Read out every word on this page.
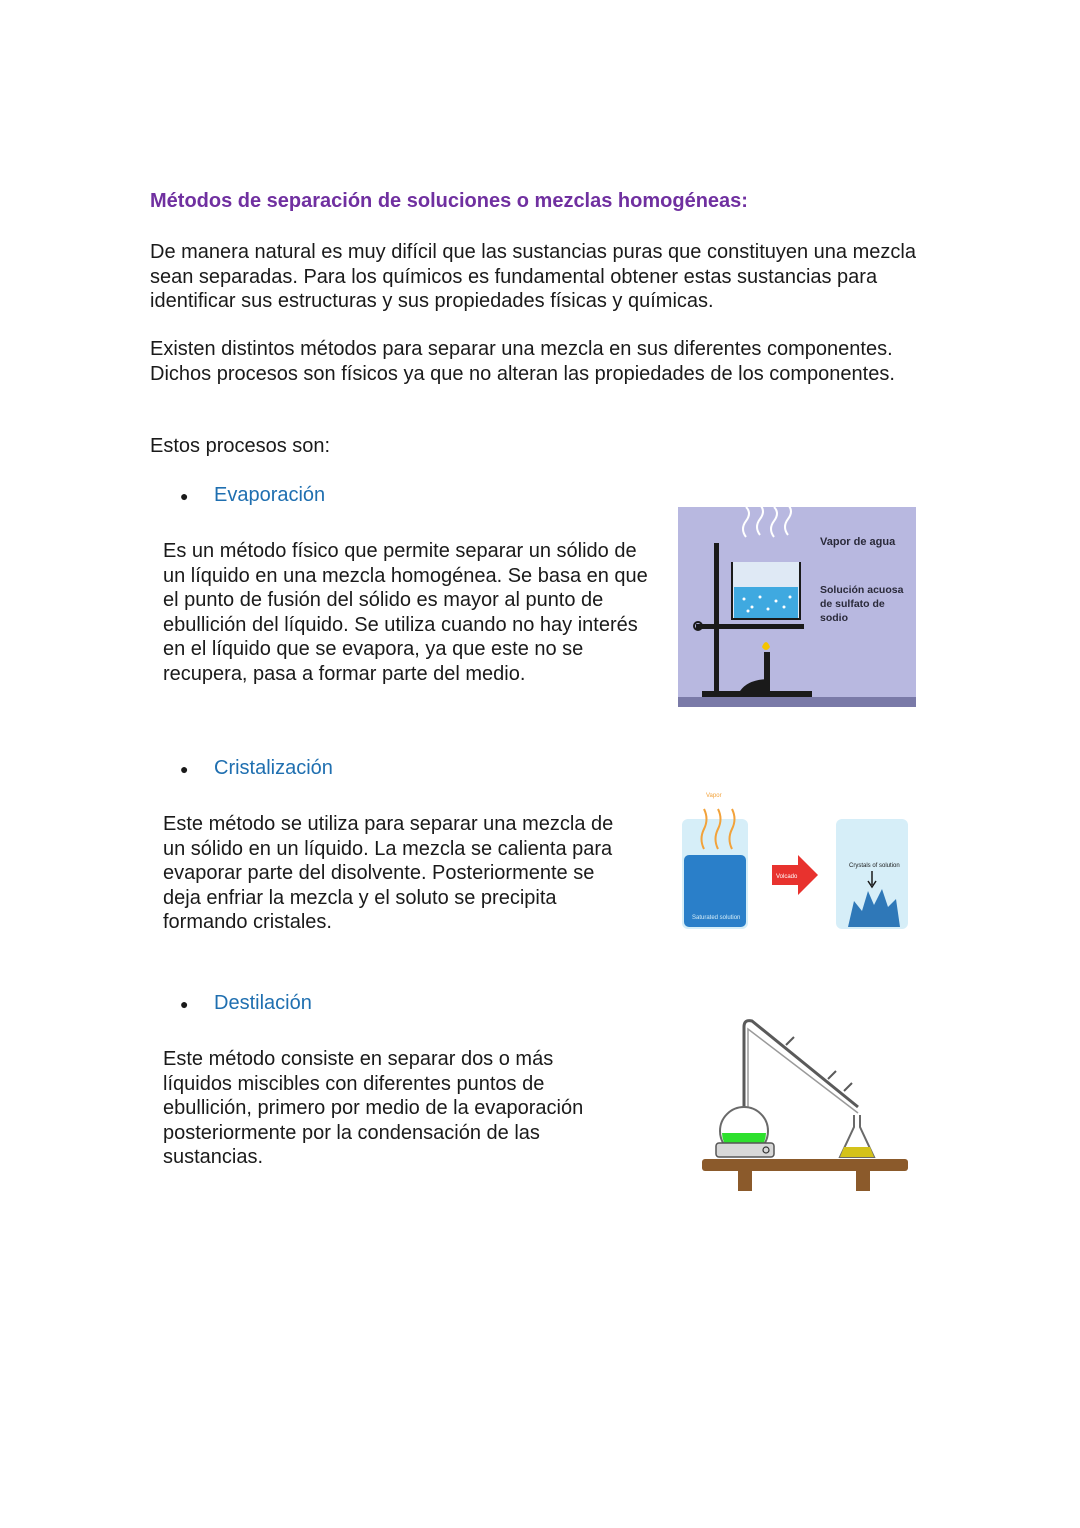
Métodos de separación de soluciones o mezclas homogéneas:

De manera natural es muy difícil que las sustancias puras que constituyen una mezcla sean separadas. Para los químicos es fundamental obtener estas sustancias para identificar sus estructuras y sus propiedades físicas y químicas.

Existen distintos métodos para separar una mezcla en sus diferentes componentes. Dichos procesos son físicos ya que no alteran las propiedades de los componentes.

Estos procesos son:

●	Evaporación

Es un método físico que permite separar un sólido de un líquido en una mezcla homogénea. Se basa en que el punto de fusión del sólido es mayor al punto de ebullición del líquido. Se utiliza cuando no hay interés en el líquido que se evapora, ya que este no se recupera, pasa a formar parte del medio.

Vapor de agua
Solución acuosa
de sulfato de
sodio
●	Cristalización

Este método se utiliza para separar una mezcla de un sólido en un líquido. La mezcla se calienta para evaporar parte del disolvente. Posteriormente se deja enfriar la mezcla y el soluto se precipita formando cristales.

Vapor
Saturated solution
Volcado
Crystals of solution
●	Destilación

Este método consiste en separar dos o más líquidos miscibles con diferentes puntos de ebullición, primero por medio de la evaporación posteriormente por la condensación de las sustancias.
